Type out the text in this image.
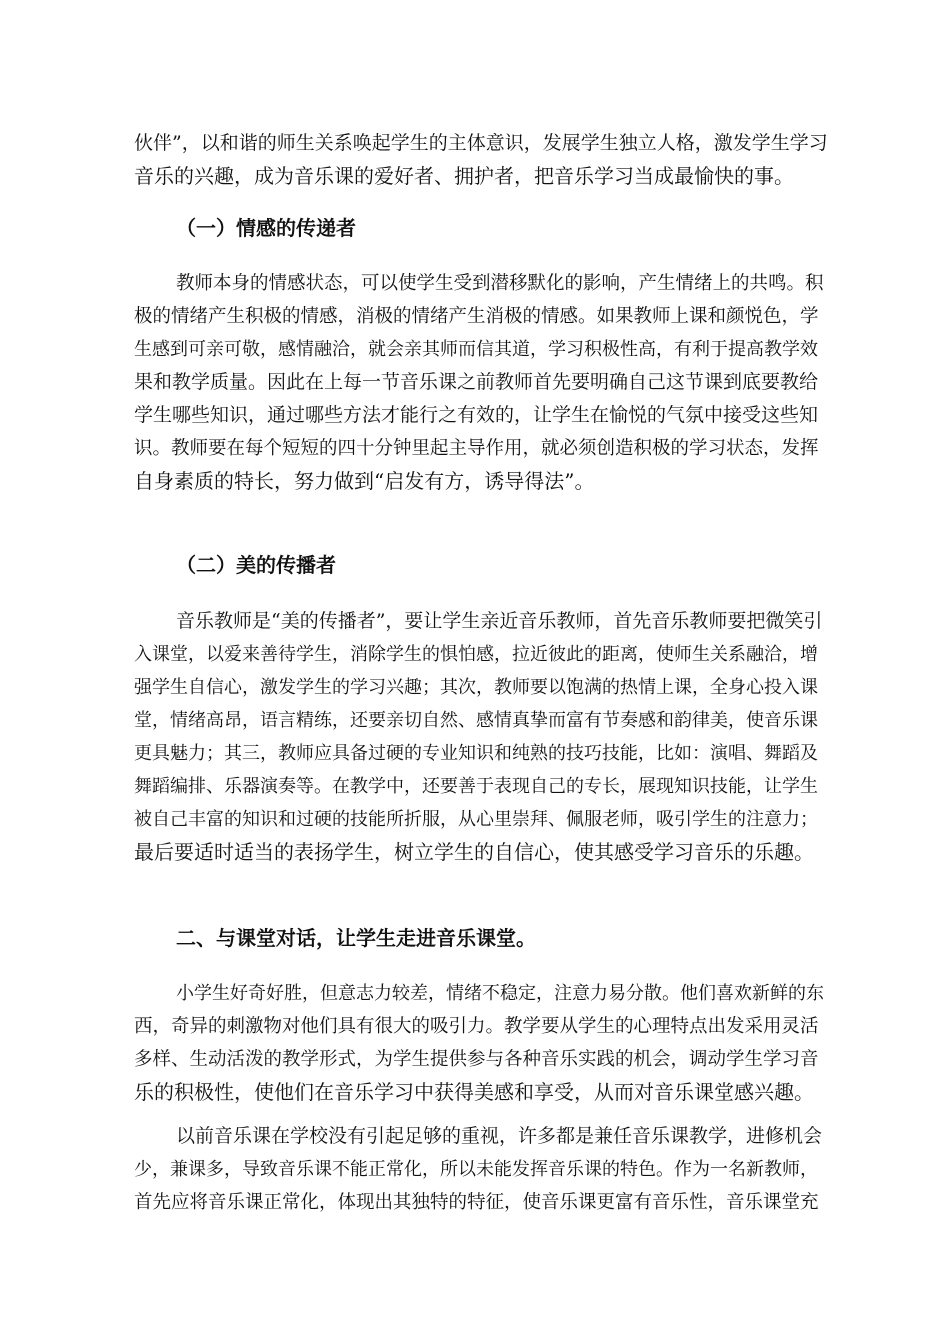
伙伴”，以和谐的师生关系唤起学生的主体意识，发展学生独立人格，激发学生学习
音乐的兴趣，成为音乐课的爱好者、拥护者，把音乐学习当成最愉快的事。

（一）情感的传递者

教师本身的情感状态，可以使学生受到潜移默化的影响，产生情绪上的共鸣。积
极的情绪产生积极的情感，消极的情绪产生消极的情感。如果教师上课和颜悦色，学
生感到可亲可敬，感情融洽，就会亲其师而信其道，学习积极性高，有利于提高教学效
果和教学质量。因此在上每一节音乐课之前教师首先要明确自己这节课到底要教给
学生哪些知识，通过哪些方法才能行之有效的，让学生在愉悦的气氛中接受这些知
识。教师要在每个短短的四十分钟里起主导作用，就必须创造积极的学习状态，发挥
自身素质的特长，努力做到“启发有方，诱导得法”。

（二）美的传播者

音乐教师是“美的传播者”，要让学生亲近音乐教师，首先音乐教师要把微笑引
入课堂，以爱来善待学生，消除学生的惧怕感，拉近彼此的距离，使师生关系融洽，增
强学生自信心，激发学生的学习兴趣；其次，教师要以饱满的热情上课，全身心投入课
堂，情绪高昂，语言精练，还要亲切自然、感情真挚而富有节奏感和韵律美，使音乐课
更具魅力；其三，教师应具备过硬的专业知识和纯熟的技巧技能，比如：演唱、舞蹈及
舞蹈编排、乐器演奏等。在教学中，还要善于表现自己的专长，展现知识技能，让学生
被自己丰富的知识和过硬的技能所折服，从心里崇拜、佩服老师，吸引学生的注意力；
最后要适时适当的表扬学生，树立学生的自信心，使其感受学习音乐的乐趣。

二、与课堂对话，让学生走进音乐课堂。

小学生好奇好胜，但意志力较差，情绪不稳定，注意力易分散。他们喜欢新鲜的东
西，奇异的刺激物对他们具有很大的吸引力。教学要从学生的心理特点出发采用灵活
多样、生动活泼的教学形式，为学生提供参与各种音乐实践的机会，调动学生学习音
乐的积极性，使他们在音乐学习中获得美感和享受，从而对音乐课堂感兴趣。

以前音乐课在学校没有引起足够的重视，许多都是兼任音乐课教学，进修机会
少，兼课多，导致音乐课不能正常化，所以未能发挥音乐课的特色。作为一名新教师，
首先应将音乐课正常化，体现出其独特的特征，使音乐课更富有音乐性，音乐课堂充
